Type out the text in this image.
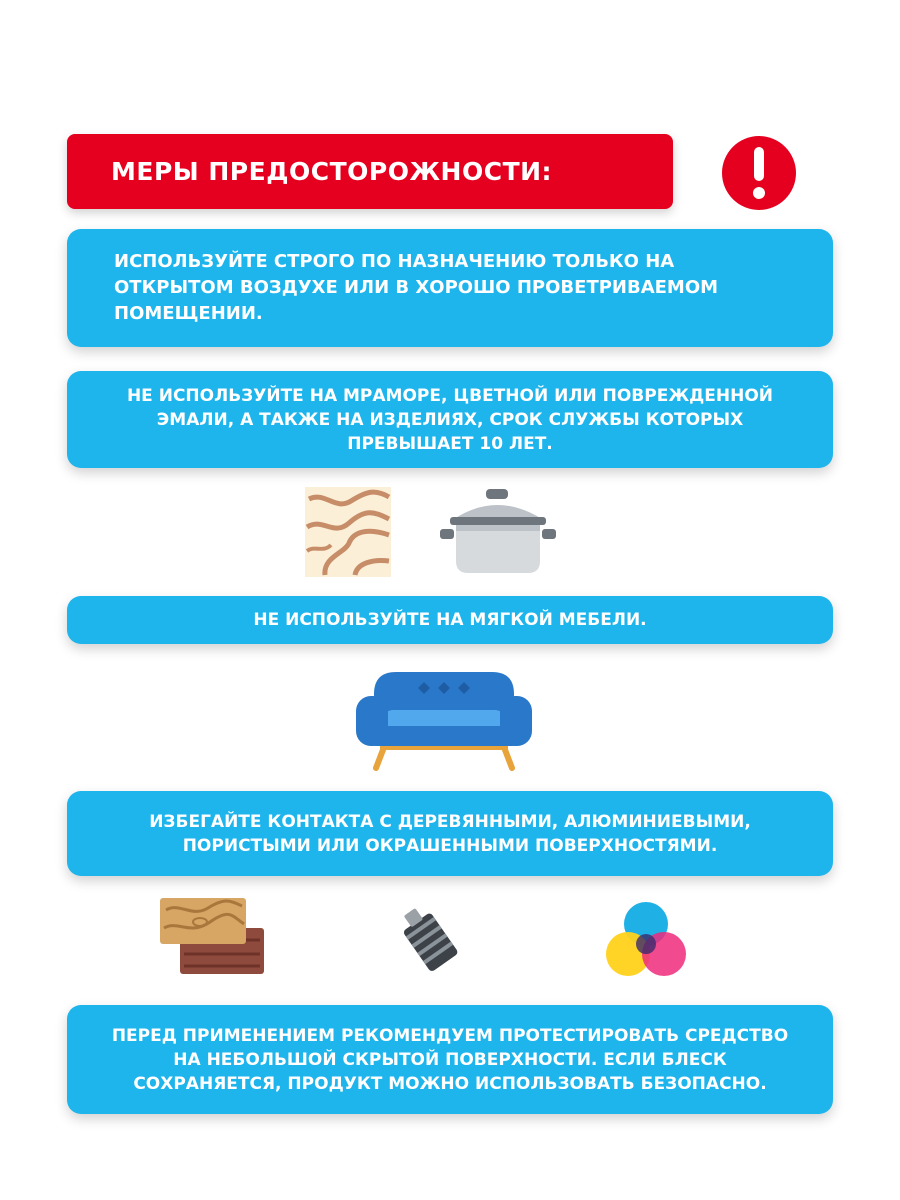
МЕРЫ ПРЕДОСТОРОЖНОСТИ:
ИСПОЛЬЗУЙТЕ СТРОГО ПО НАЗНАЧЕНИЮ ТОЛЬКО НА ОТКРЫТОМ ВОЗДУХЕ ИЛИ В ХОРОШО ПРОВЕТРИВАЕМОМ ПОМЕЩЕНИИ.
НЕ ИСПОЛЬЗУЙТЕ НА МРАМОРЕ, ЦВЕТНОЙ ИЛИ ПОВРЕЖДЕННОЙ ЭМАЛИ, А ТАКЖЕ НА ИЗДЕЛИЯХ, СРОК СЛУЖБЫ КОТОРЫХ ПРЕВЫШАЕТ 10 ЛЕТ.
НЕ ИСПОЛЬЗУЙТЕ НА МЯГКОЙ МЕБЕЛИ.
ИЗБЕГАЙТЕ КОНТАКТА С ДЕРЕВЯННЫМИ, АЛЮМИНИЕВЫМИ, ПОРИСТЫМИ ИЛИ ОКРАШЕННЫМИ ПОВЕРХНОСТЯМИ.
ПЕРЕД ПРИМЕНЕНИЕМ РЕКОМЕНДУЕМ ПРОТЕСТИРОВАТЬ СРЕДСТВО НА НЕБОЛЬШОЙ СКРЫТОЙ ПОВЕРХНОСТИ. ЕСЛИ БЛЕСК СОХРАНЯЕТСЯ, ПРОДУКТ МОЖНО ИСПОЛЬЗОВАТЬ БЕЗОПАСНО.
